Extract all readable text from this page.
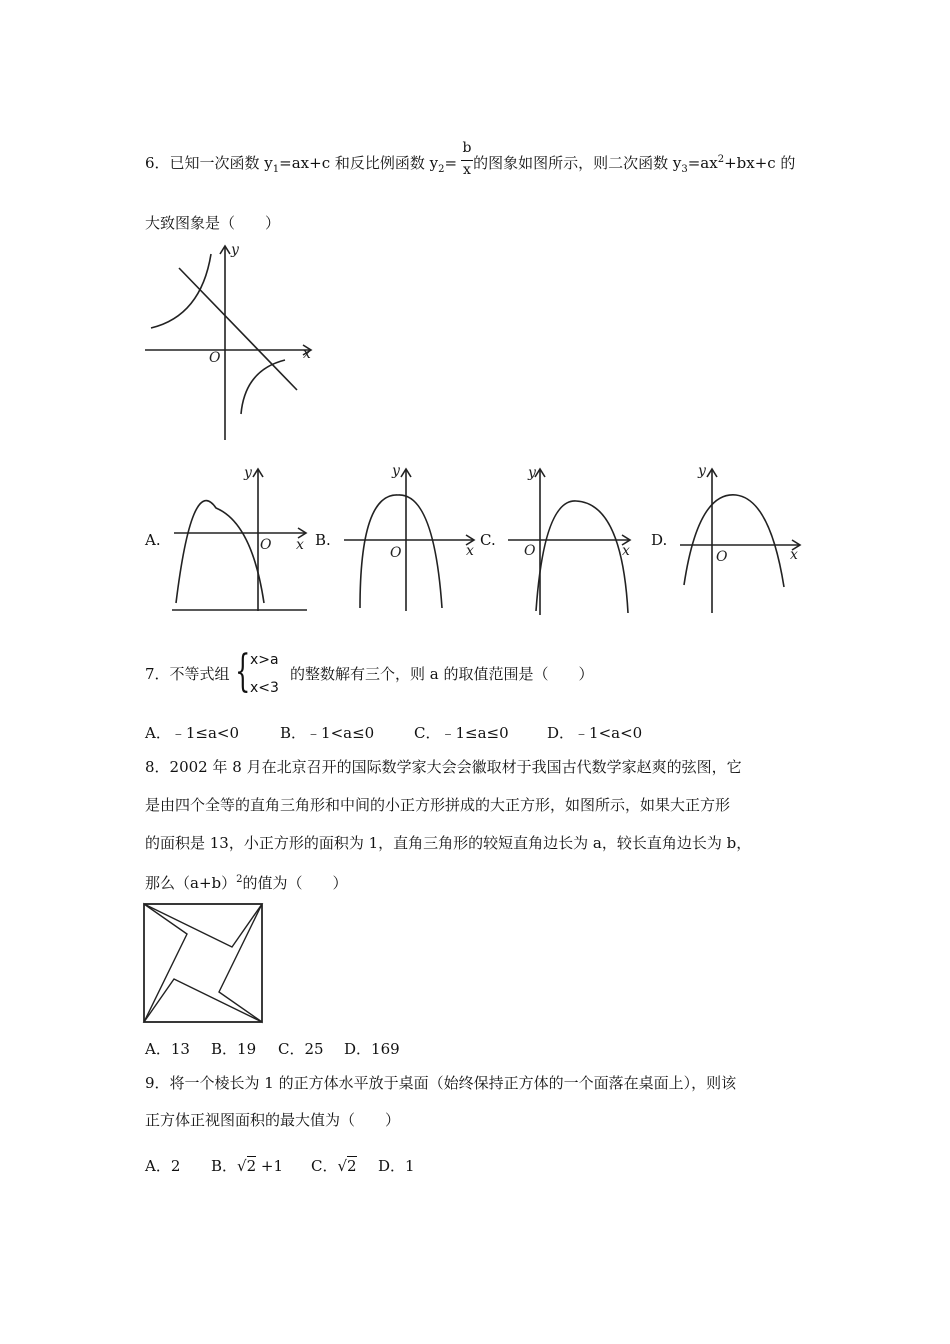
6．已知一次函数 $y_1=ax+c$ 和反比例函数 $y_2=$ 的图象如图所示，则二次函数 $y_3=ax^2+bx+c$ 的
b
x
大致图象是（　　）
y
x
O
A.
y
x
O	B.
y
x
O
C.
y
x
O
D.
y
x
O
7．不等式组 { x>a
x<3
的整数解有三个，则 a 的取值范围是（　　）
A．﹣1≤a<0	B．﹣1<a≤0	C．﹣1≤a≤0	D．﹣1<a<0
8．2002 年 8 月在北京召开的国际数学家大会会徽取材于我国古代数学家赵爽的弦图，它
是由四个全等的直角三角形和中间的小正方形拼成的大正方形，如图所示，如果大正方形
的面积是 13，小正方形的面积为 1，直角三角形的较短直角边长为 a，较长直角边长为 b，
那么$(a+b)^2$的值为（　　）
A．13 B．19 C．25 D．169
9．将一个棱长为 1 的正方体水平放于桌面（始终保持正方体的一个面落在桌面上），则该
正方体正视图面积的最大值为（　　）
A．2 B．√2 +1 C．√2 D．1
